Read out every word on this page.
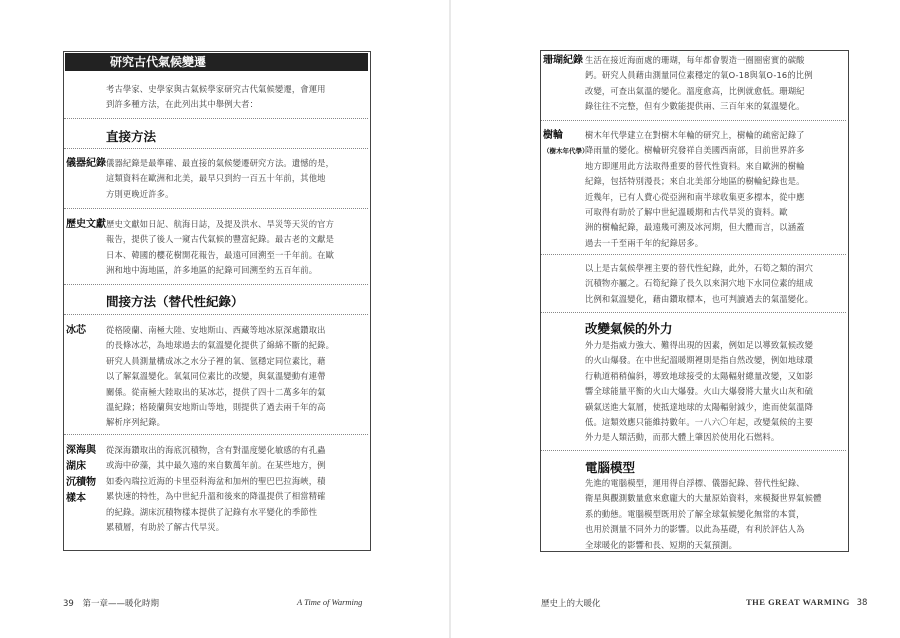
研究古代氣候變遷
考古學家、史學家與古氣候學家研究古代氣候變遷，會運用
到許多種方法，在此列出其中舉例大者：
直接方法
儀器紀錄 儀器紀錄是最準確、最直接的氣候變遷研究方法。遺憾的是，
這類資料在歐洲和北美，最早只到約一百五十年前，其他地
方則更晚近許多。
歷史文獻 歷史文獻如日記、航海日誌，及提及洪水、旱災等天災的官方
報告，提供了後人一窺古代氣候的豐富紀錄。最古老的文獻是
日本、韓國的櫻花樹開花報告，最遠可回溯至一千年前。在歐
洲和地中海地區，許多地區的紀錄可回溯至約五百年前。
間接方法（替代性紀錄）
冰芯 從格陵蘭、南極大陸、安地斯山、西藏等地冰原深處鑽取出
的長條冰芯，為地球過去的氣溫變化提供了綿綿不斷的紀錄。
研究人員測量構成冰之水分子裡的氧、氫穩定同位素比，藉
以了解氣溫變化。氧氣同位素比的改變，與氣溫變動有連帶
關係。從南極大陸取出的某冰芯，提供了四十二萬多年的氣
溫紀錄；格陵蘭與安地斯山等地，則提供了過去兩千年的高
解析序列紀錄。
深海與
湖床
沉積物
樣本
從深海鑽取出的海底沉積物，含有對溫度變化敏感的有孔蟲
或海中矽藻，其中最久遠的來自數萬年前。在某些地方，例
如委內瑞拉近海的卡里亞科海盆和加州的聖巴巴拉海峽，積
累快速的特性，為中世紀升溫和後來的降溫提供了相當精確
的紀錄。湖床沉積物樣本提供了記錄有水平變化的季節性
累積層，有助於了解古代旱災。
39 第一章——暖化時期	A Time of Warming
珊瑚紀錄 生活在接近海面處的珊瑚，每年都會製造一圈圈密實的碳酸
鈣。研究人員藉由測量同位素穩定的氧O-18與氧O-16的比例
改變，可查出氣溫的變化。溫度愈高，比例就愈低。珊瑚紀
錄往往不完整，但有少數能提供兩、三百年來的氣溫變化。
樹輪
（樹木年代學）
樹木年代學建立在對樹木年輪的研究上，樹輪的疏密記錄了
降雨量的變化。樹輪研究發祥自美國西南部，目前世界許多
地方即運用此方法取得重要的替代性資料。來自歐洲的樹輪
紀錄，包括特別漫長；來自北美部分地區的樹輪紀錄也是。
近幾年，已有人費心從亞洲和南半球收集更多標本，從中應
可取得有助於了解中世紀溫暖期和古代旱災的資料。歐
洲的樹輪紀錄，最遠幾可溯及冰河期，但大體而言，以涵蓋
過去一千至兩千年的紀錄居多。
以上是古氣候學裡主要的替代性紀錄，此外，石筍之類的洞穴
沉積物亦屬之。石筍紀錄了長久以來洞穴地下水同位素的組成
比例和氣溫變化，藉由鑽取標本，也可判讀過去的氣溫變化。
改變氣候的外力
外力是指威力強大、難得出現的因素，例如足以導致氣候改變
的火山爆發。在中世紀溫暖期裡則是指自然改變，例如地球環
行軌道稍稍偏斜，導致地球接受的太陽輻射總量改變，又如影
響全球能量平衡的火山大爆發。火山大爆發將大量火山灰和硫
磺氣送進大氣層，使抵達地球的太陽輻射減少，進而使氣溫降
低。這類效應只能維持數年。一八六〇年起，改變氣候的主要
外力是人類活動，而那大體上肇因於使用化石燃料。
電腦模型
先進的電腦模型，運用得自浮標、儀器紀錄、替代性紀錄、
衛星與觀測數量愈來愈龐大的大量原始資料，來模擬世界氣候體
系的動態。電腦模型既用於了解全球氣候變化無常的本質，
也用於測量不同外力的影響。以此為基礎，有利於評估人為
全球暖化的影響和長、短期的天氣預測。
歷史上的大暖化	THE GREAT WARMING 38
